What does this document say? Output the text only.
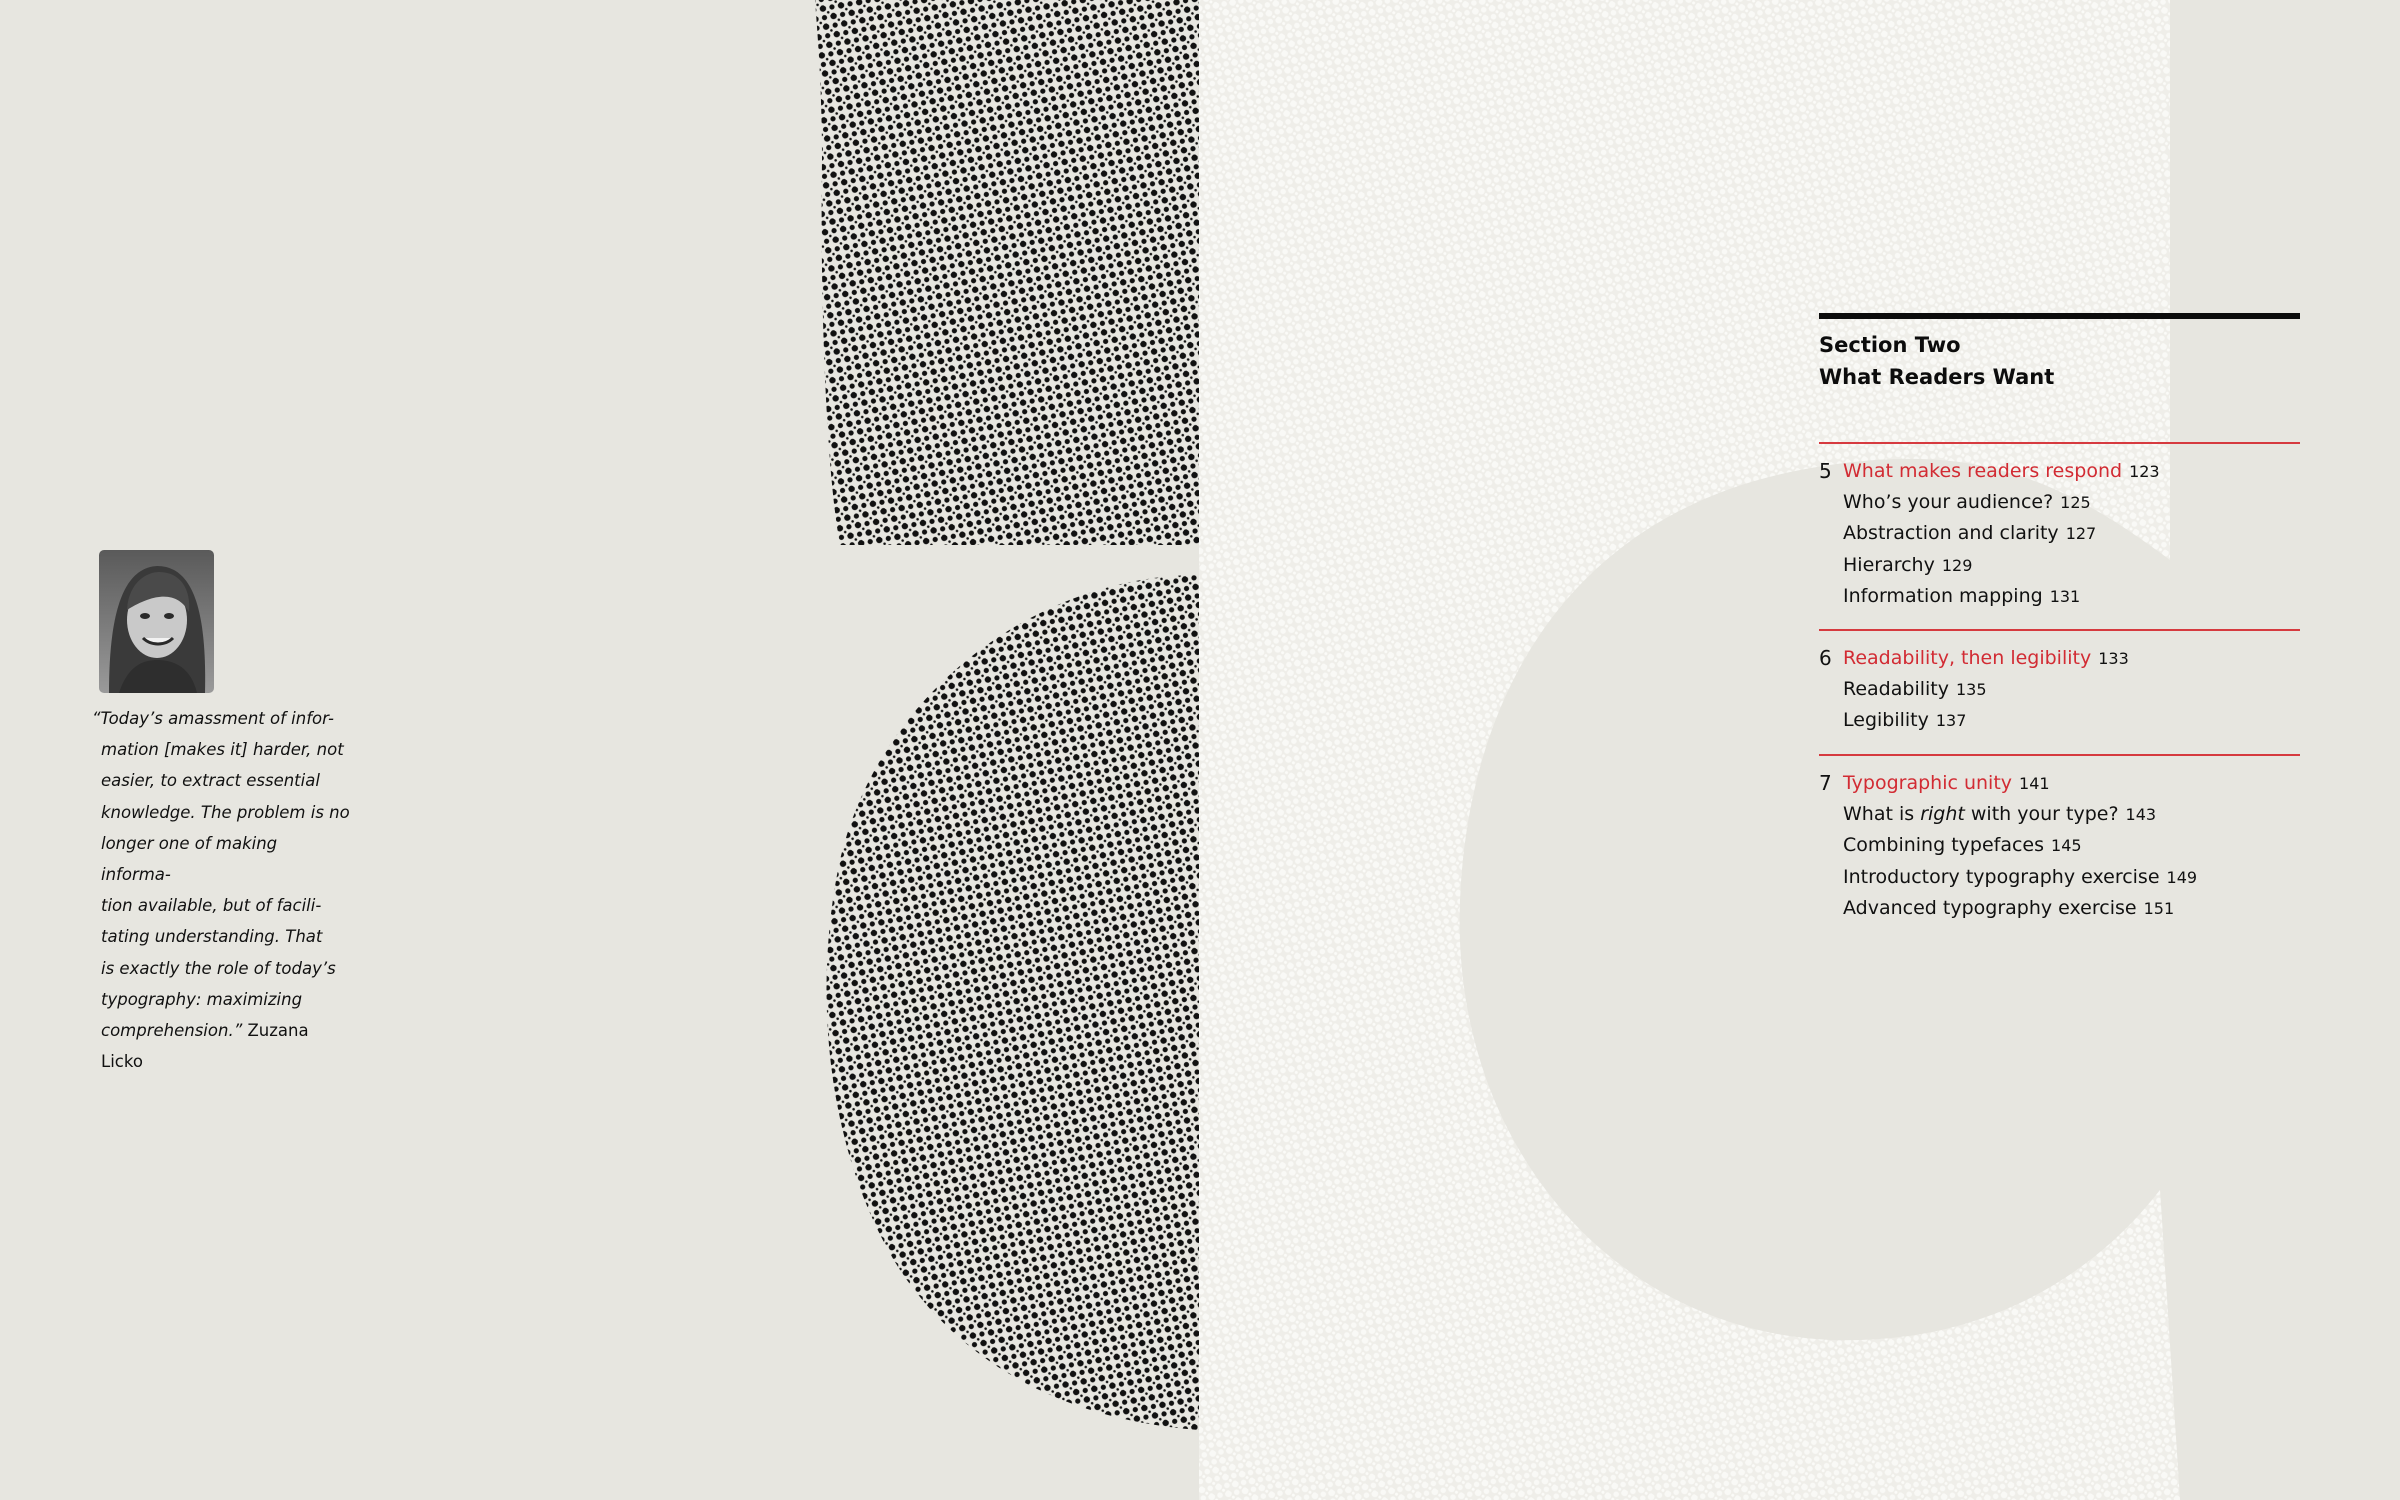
“Today’s amassment of infor-
mation [makes it] harder, not
easier, to extract essential
knowledge. The problem is no
longer one of making informa-
tion available, but of facili-
tating understanding. That
is exactly the role of today’s
typography: maximizing
comprehension.” Zuzana Licko
Section Two
What Readers Want
5 What makes readers respond 123
Who’s your audience? 125
Abstraction and clarity 127
Hierarchy 129
Information mapping 131
6 Readability, then legibility 133
Readability 135
Legibility 137
7 Typographic unity 141
What is right with your type? 143
Combining typefaces 145
Introductory typography exercise 149
Advanced typography exercise 151
